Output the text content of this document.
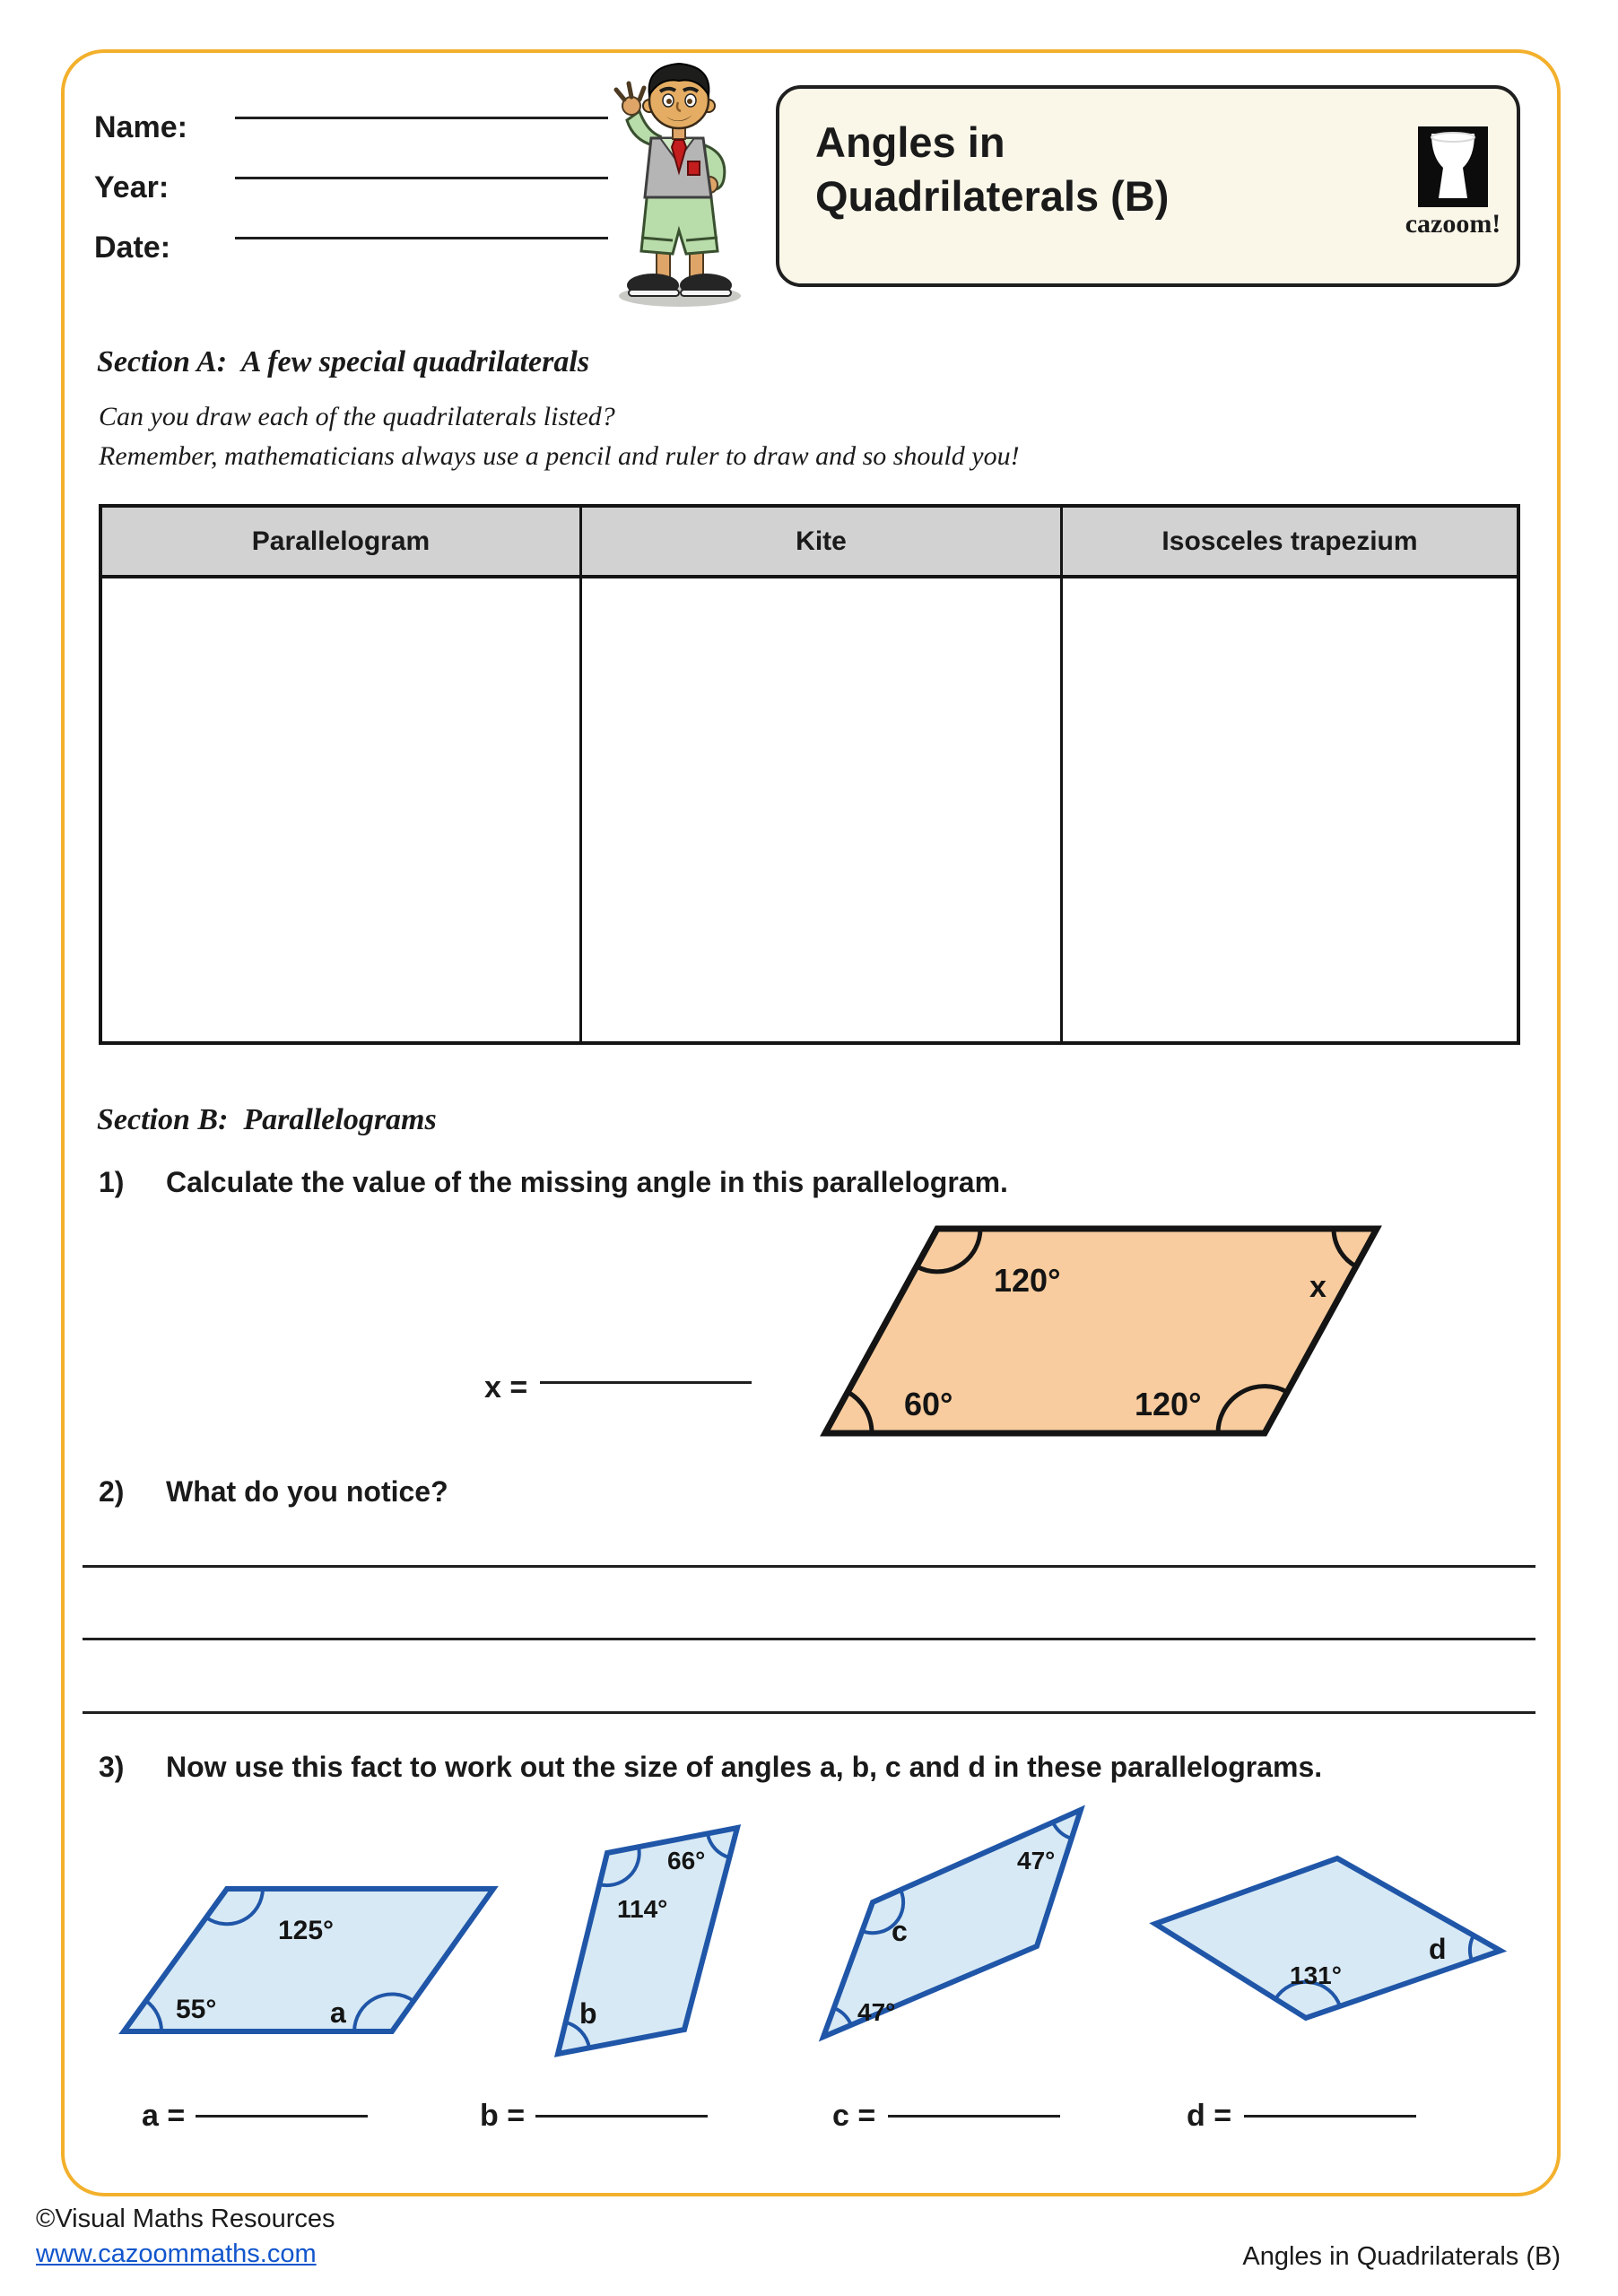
Name:
Year:
Date:
Angles in
Quadrilaterals (B)
cazoom!
Section A:  A few special quadrilaterals
Can you draw each of the quadrilaterals listed?
Remember, mathematicians always use a pencil and ruler to draw and so should you!
Parallelogram	Kite	Isosceles trapezium
Section B:  Parallelograms
1) Calculate the value of the missing angle in this parallelogram.
x =
120°	x
60°	120°
2) What do you notice?
3) Now use this fact to work out the size of angles a, b, c and d in these parallelograms.
125°
55°	a
66°
114°
b
47°
c
47°
131°
d
a =	b =	c =	d =
©Visual Maths Resources
www.cazoommaths.com	Angles in Quadrilaterals (B)
